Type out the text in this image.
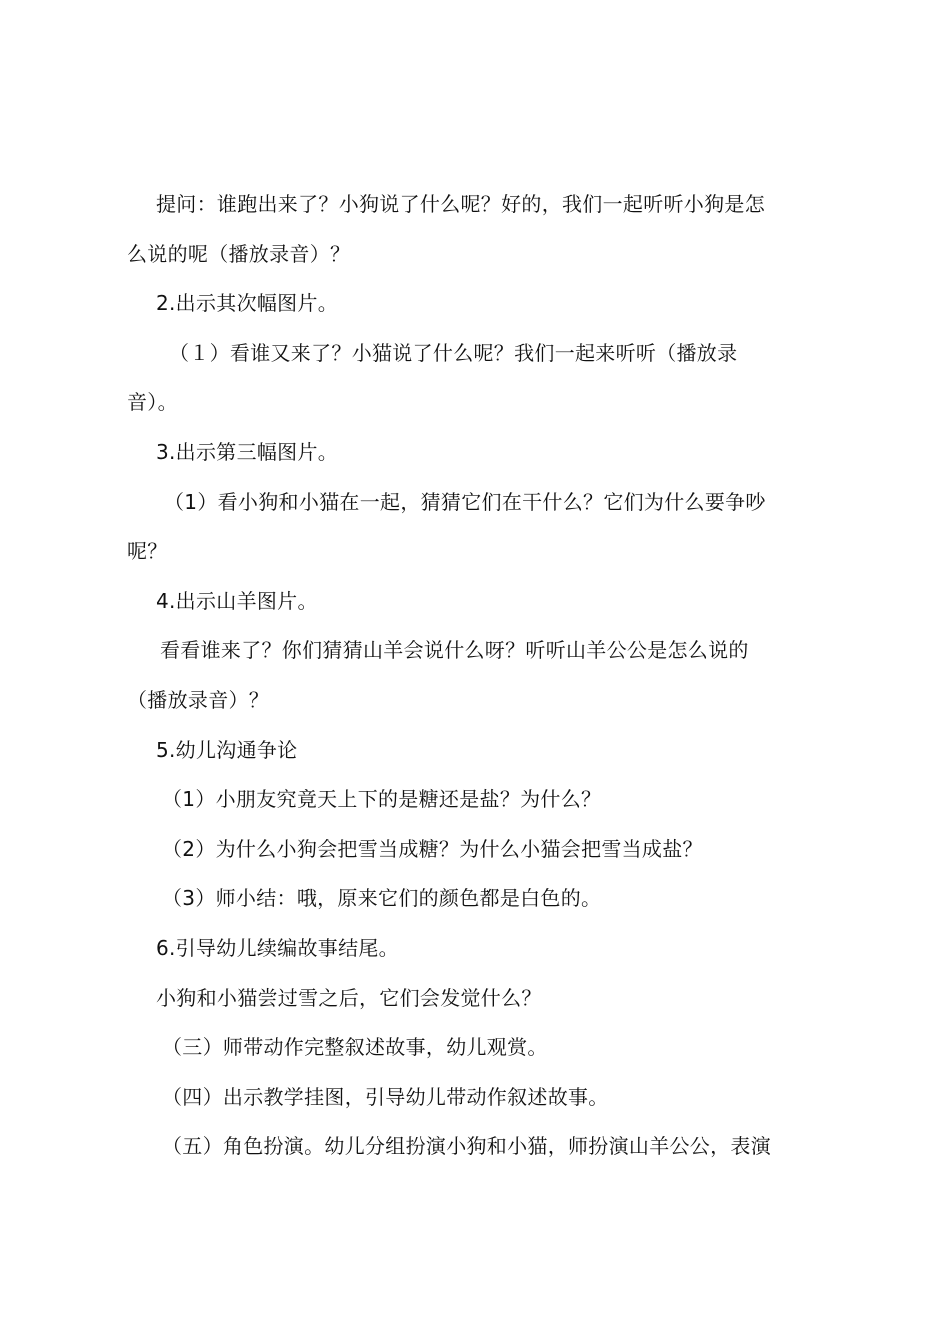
提问：谁跑出来了？小狗说了什么呢？好的，我们一起听听小狗是怎
么说的呢（播放录音）？
2.出示其次幅图片。
（１）看谁又来了？小猫说了什么呢？我们一起来听听（播放录
音）。
3.出示第三幅图片。
（1）看小狗和小猫在一起，猜猜它们在干什么？它们为什么要争吵
呢？
4.出示山羊图片。
看看谁来了？你们猜猜山羊会说什么呀？听听山羊公公是怎么说的
（播放录音）？
5.幼儿沟通争论
（1）小朋友究竟天上下的是糖还是盐？为什么？
（2）为什么小狗会把雪当成糖？为什么小猫会把雪当成盐？
（3）师小结：哦，原来它们的颜色都是白色的。
6.引导幼儿续编故事结尾。
小狗和小猫尝过雪之后，它们会发觉什么？
（三）师带动作完整叙述故事，幼儿观赏。
（四）出示教学挂图，引导幼儿带动作叙述故事。
（五）角色扮演。幼儿分组扮演小狗和小猫，师扮演山羊公公，表演
